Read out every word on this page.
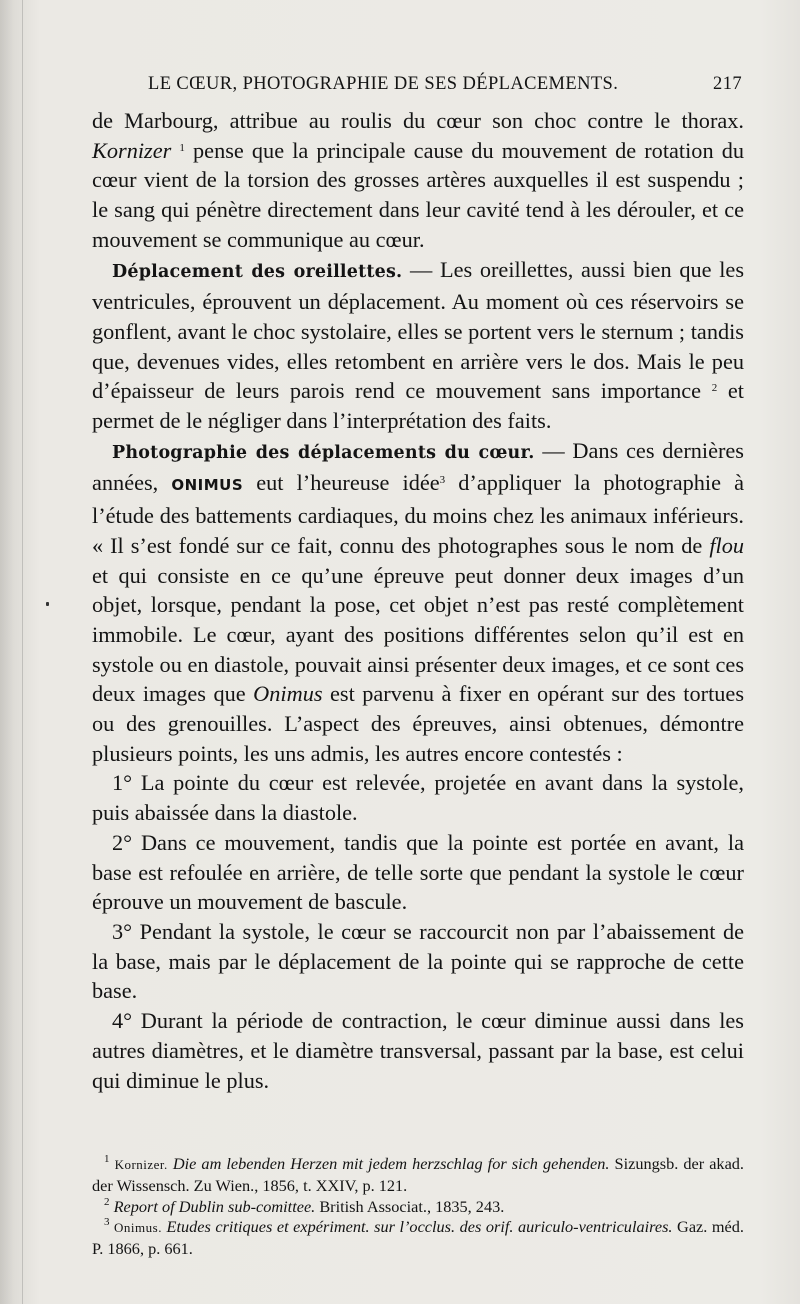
LE CŒUR, PHOTOGRAPHIE DE SES DÉPLACEMENTS.	217

de Marbourg, attribue au roulis du cœur son choc contre le thorax. Kornizer $^1$ pense que la principale cause du mouvement de rotation du cœur vient de la torsion des grosses artères auxquelles il est suspendu ; le sang qui pénètre directement dans leur cavité tend à les dérouler, et ce mouvement se communique au cœur.

Déplacement des oreillettes. — Les oreillettes, aussi bien que les ventricules, éprouvent un déplacement. Au moment où ces réservoirs se gonflent, avant le choc systolaire, elles se portent vers le sternum ; tandis que, devenues vides, elles retombent en arrière vers le dos. Mais le peu d’épaisseur de leurs parois rend ce mouvement sans importance $^2$ et permet de le négliger dans l’interprétation des faits.

Photographie des déplacements du cœur. — Dans ces dernières années, ONIMUS eut l’heureuse idée$^3$ d’appliquer la photographie à l’étude des battements cardiaques, du moins chez les animaux inférieurs. « Il s’est fondé sur ce fait, connu des photographes sous le nom de flou et qui consiste en ce qu’une épreuve peut donner deux images d’un objet, lorsque, pendant la pose, cet objet n’est pas resté complètement immobile. Le cœur, ayant des positions différentes selon qu’il est en systole ou en diastole, pouvait ainsi présenter deux images, et ce sont ces deux images que Onimus est parvenu à fixer en opérant sur des tortues ou des grenouilles. L’aspect des épreuves, ainsi obtenues, démontre plusieurs points, les uns admis, les autres encore contestés :

1° La pointe du cœur est relevée, projetée en avant dans la systole, puis abaissée dans la diastole.

2° Dans ce mouvement, tandis que la pointe est portée en avant, la base est refoulée en arrière, de telle sorte que pendant la systole le cœur éprouve un mouvement de bascule.

3° Pendant la systole, le cœur se raccourcit non par l’abaissement de la base, mais par le déplacement de la pointe qui se rapproche de cette base.

4° Durant la période de contraction, le cœur diminue aussi dans les autres diamètres, et le diamètre transversal, passant par la base, est celui qui diminue le plus.

$^1$ Kornizer. Die am lebenden Herzen mit jedem herzschlag for sich gehenden. Sizungsb. der akad. der Wissensch. Zu Wien., 1856, t. XXIV, p. 121.

$^2$ Report of Dublin sub-comittee. British Associat., 1835, 243.

$^3$ Onimus. Etudes critiques et expériment. sur l’occlus. des orif. auriculo-ventriculaires. Gaz. méd. P. 1866, p. 661.
